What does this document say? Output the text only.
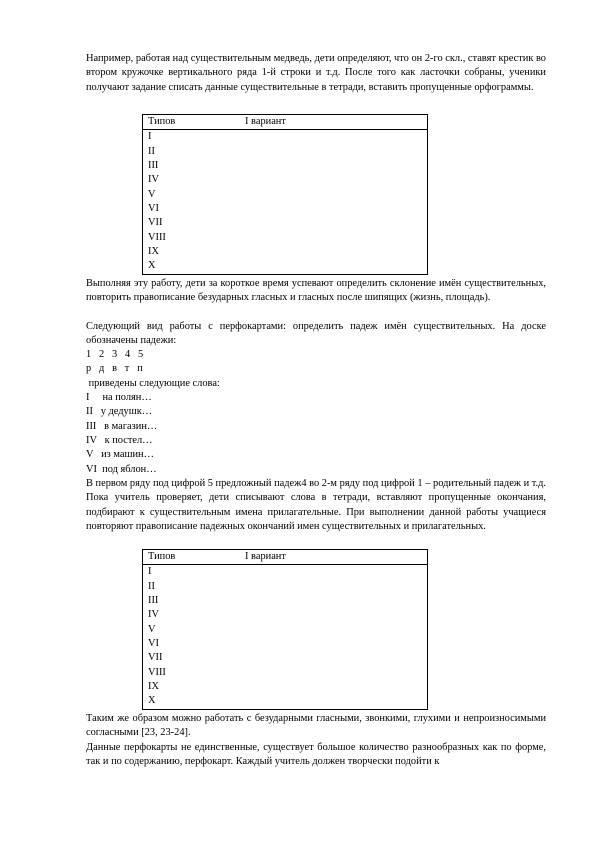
Например, работая над существительным медведь, дети определяют, что он 2-го скл., ставят крестик во втором кружочке вертикального ряда 1-й строки и т.д. После того как ласточки собраны, ученики получают задание списать данные существительные в тетради, вставить пропущенные орфограммы.

Типов	I вариант
I
II
III
IV
V
VI
VII
VIII
IX
X

Выполняя эту работу, дети за короткое время успевают определить склонение имён существительных, повторить правописание безударных гласных и гласных после шипящих (жизнь, площадь).

Следующий вид работы с перфокартами: определить падеж имён существительных. На доске обозначены падежи:

1   2   3   4   5
р   д   в   т   п
приведены следующие слова:
I     на полян…
II   у дедушк…
III   в магазин…
IV   к постел…
V   из машин…
VI  под яблон…

В первом ряду под цифрой 5 предложный падеж4 во 2-м ряду под цифрой 1 – родительный падеж и т.д. Пока учитель проверяет, дети списывают слова в тетради, вставляют пропущенные окончания, подбирают к существительным имена прилагательные. При выполнении данной работы учащиеся повторяют правописание падежных окончаний имен существительных и прилагательных.

Типов	I вариант
I
II
III
IV
V
VI
VII
VIII
IX
X

Таким же образом можно работать с безударными гласными, звонкими, глухими и непроизносимыми согласными [23, 23-24].

Данные перфокарты не единственные, существует большое количество разнообразных как по форме, так и по содержанию, перфокарт. Каждый учитель должен творчески подойти к
